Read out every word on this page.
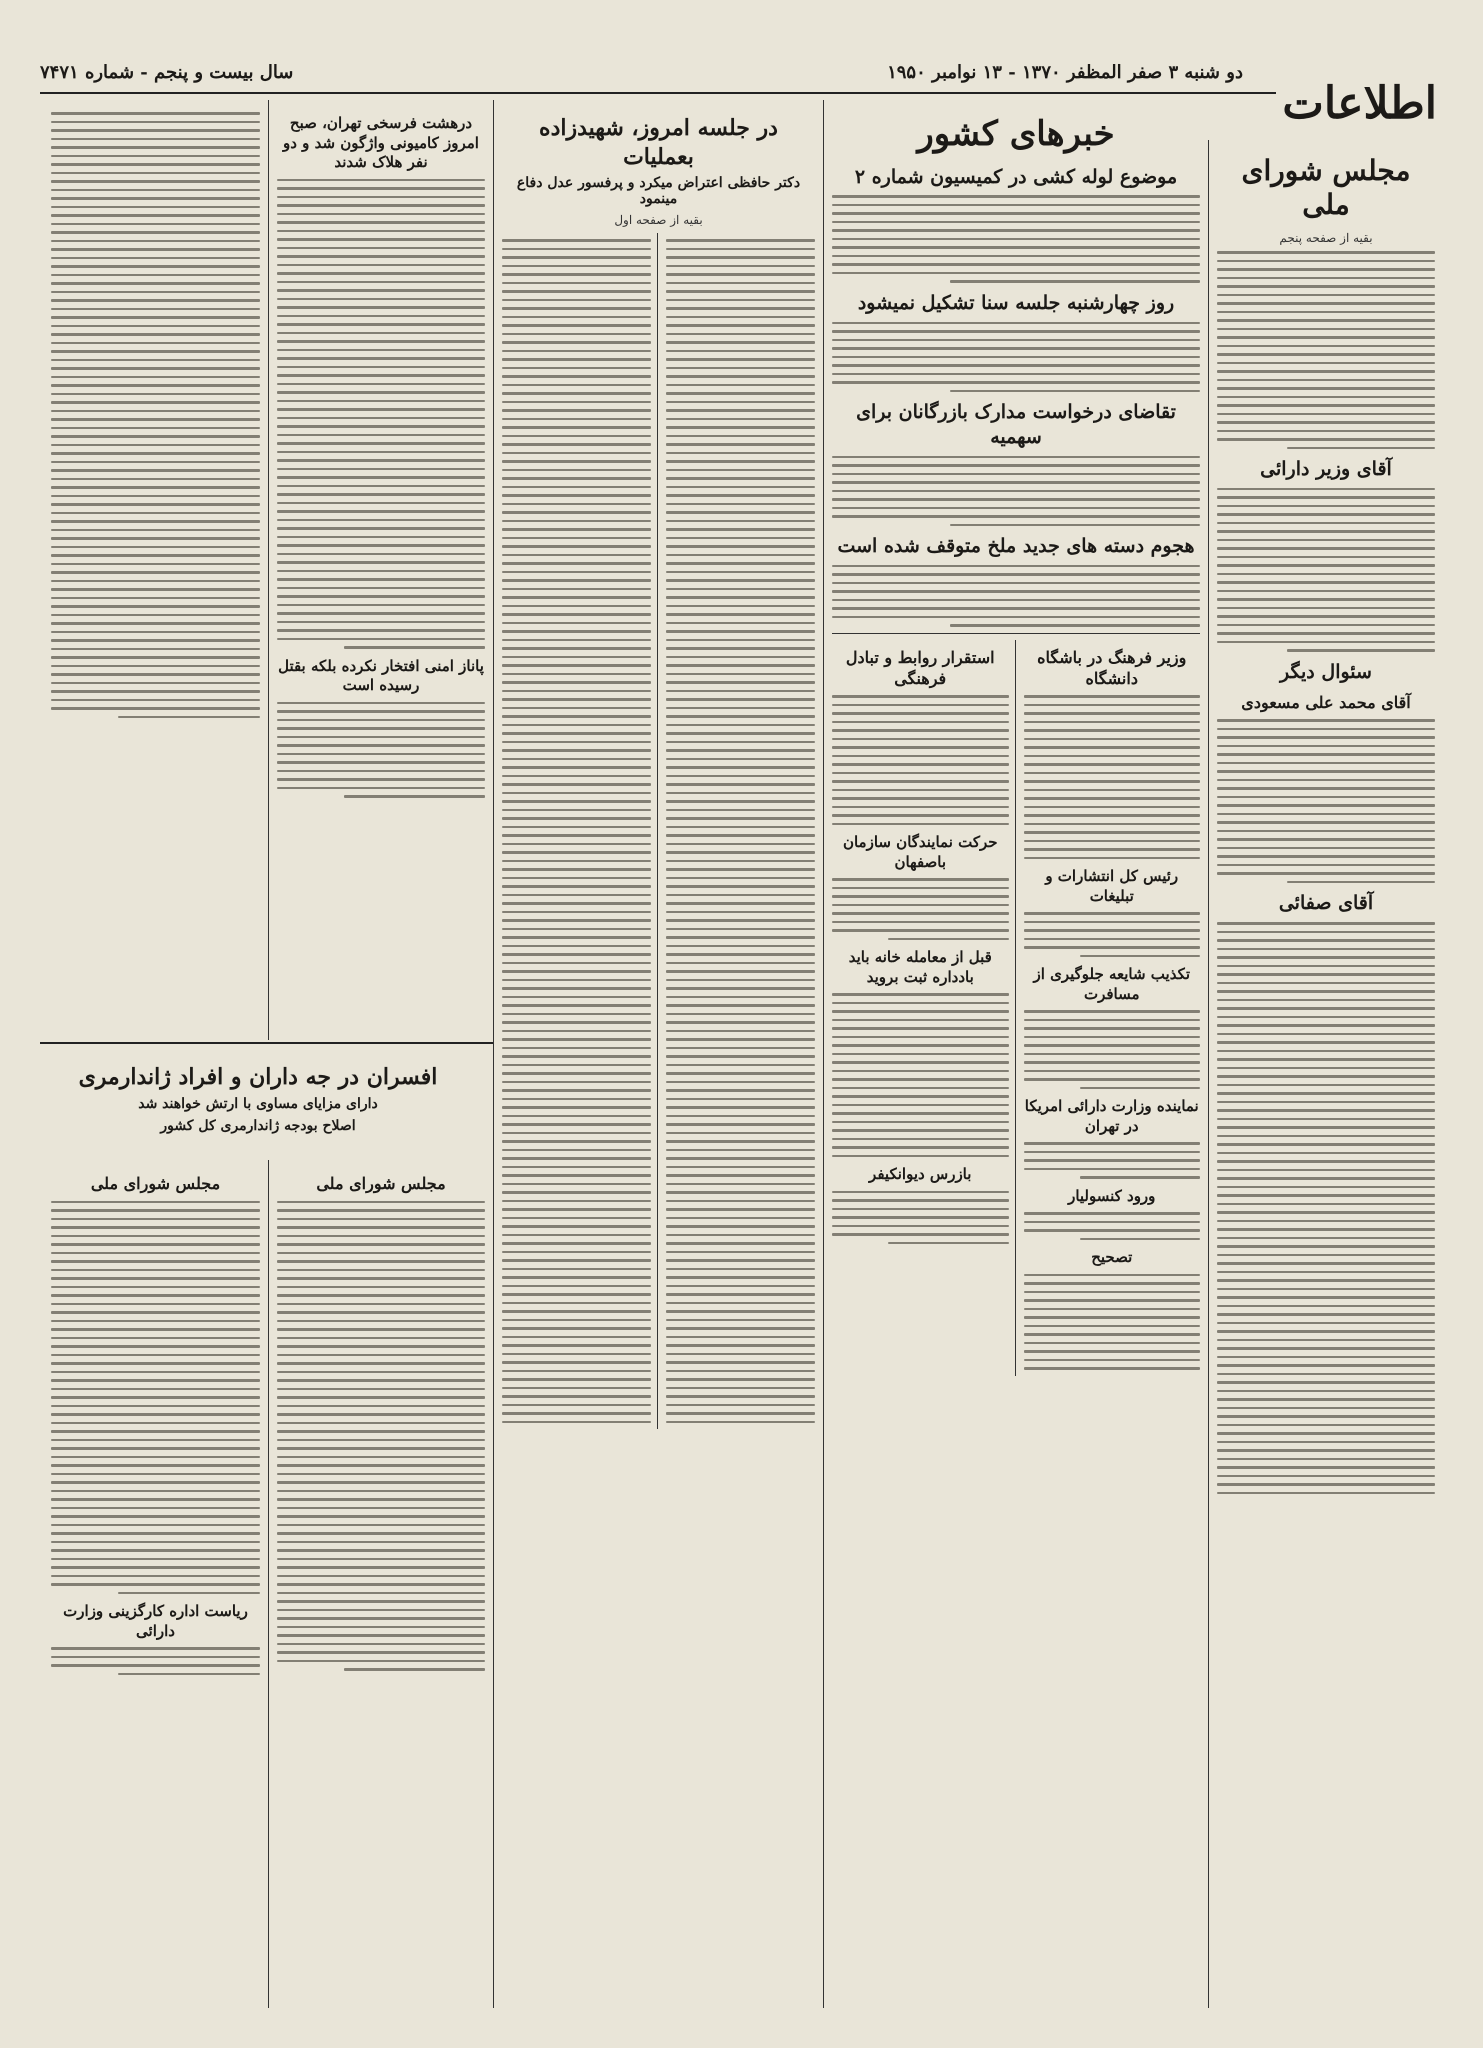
دو شنبه ۳ صفر المظفر ۱۳۷۰ - ۱۳ نوامبر ۱۹۵۰
سال بیست و پنجم - شماره ۷۴۷۱
اطلاعات
مجلس شورای ملی
بقیه از صفحه پنجم
آقای وزیر دارائی
سئوال دیگر
آقای محمد علی مسعودی
آقای صفائی
خبرهای کشور
موضوع لوله کشی در کمیسیون شماره ۲
روز چهارشنبه جلسه سنا تشکیل نمیشود
تقاضای درخواست مدارک بازرگانان برای سهمیه
هجوم دسته های جدید ملخ متوقف شده است
وزیر فرهنگ در باشگاه دانشگاه
رئیس کل انتشارات و تبلیغات
تکذیب شایعه جلوگیری از مسافرت
نماینده وزارت دارائی امریکا در تهران
ورود کنسولیار
تصحیح
استقرار روابط و تبادل فرهنگی
حرکت نمایندگان سازمان باصفهان
قبل از معامله خانه باید بادداره ثبت بروید
بازرس دیوانکیفر
در جلسه امروز، شهیدزاده بعملیات
دکتر حافظی اعتراض میکرد و پرفسور عدل دفاع مینمود
بقیه از صفحه اول
درهشت فرسخی تهران، صبح امروز کامیونی واژگون شد و دو نفر هلاک شدند
پاناز امنی افتخار نکرده بلکه بقتل رسیده است
افسران در جه داران و افراد ژاندارمری
دارای مزایای مساوی با ارتش خواهند شد
اصلاح بودجه ژاندارمری کل کشور
مجلس شورای ملی
مجلس شورای ملی
ریاست اداره کارگزینی وزارت دارائی
